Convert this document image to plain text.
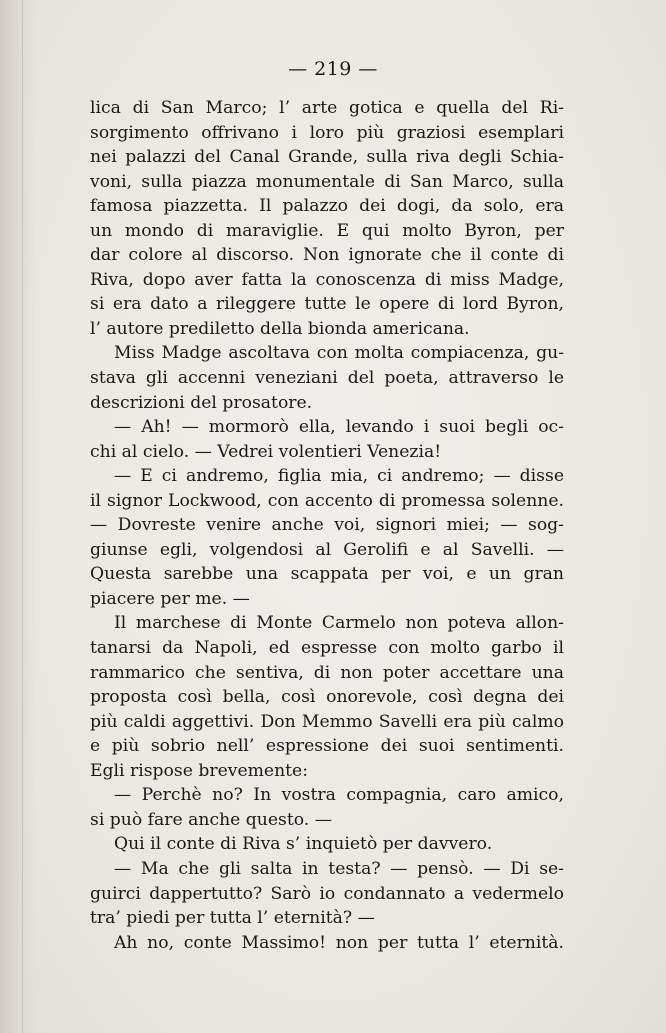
— 219 —
lica di San Marco; l’ arte gotica e quella del Ri-
sorgimento offrivano i loro più graziosi esemplari
nei palazzi del Canal Grande, sulla riva degli Schia-
voni, sulla piazza monumentale di San Marco, sulla
famosa piazzetta. Il palazzo dei dogi, da solo, era
un mondo di maraviglie. E qui molto Byron, per
dar colore al discorso. Non ignorate che il conte di
Riva, dopo aver fatta la conoscenza di miss Madge,
si era dato a rileggere tutte le opere di lord Byron,
l’ autore prediletto della bionda americana.
Miss Madge ascoltava con molta compiacenza, gu-
stava gli accenni veneziani del poeta, attraverso le
descrizioni del prosatore.
— Ah! — mormorò ella, levando i suoi begli oc-
chi al cielo. — Vedrei volentieri Venezia!
— E ci andremo, figlia mia, ci andremo; — disse
il signor Lockwood, con accento di promessa solenne.
— Dovreste venire anche voi, signori miei; — sog-
giunse egli, volgendosi al Gerolifi e al Savelli. —
Questa sarebbe una scappata per voi, e un gran
piacere per me. —
Il marchese di Monte Carmelo non poteva allon-
tanarsi da Napoli, ed espresse con molto garbo il
rammarico che sentiva, di non poter accettare una
proposta così bella, così onorevole, così degna dei
più caldi aggettivi. Don Memmo Savelli era più calmo
e più sobrio nell’ espressione dei suoi sentimenti.
Egli rispose brevemente:
— Perchè no? In vostra compagnia, caro amico,
si può fare anche questo. —
Qui il conte di Riva s’ inquietò per davvero.
— Ma che gli salta in testa? — pensò. — Di se-
guirci dappertutto? Sarò io condannato a vedermelo
tra’ piedi per tutta l’ eternità? —
Ah no, conte Massimo! non per tutta l’ eternità.
